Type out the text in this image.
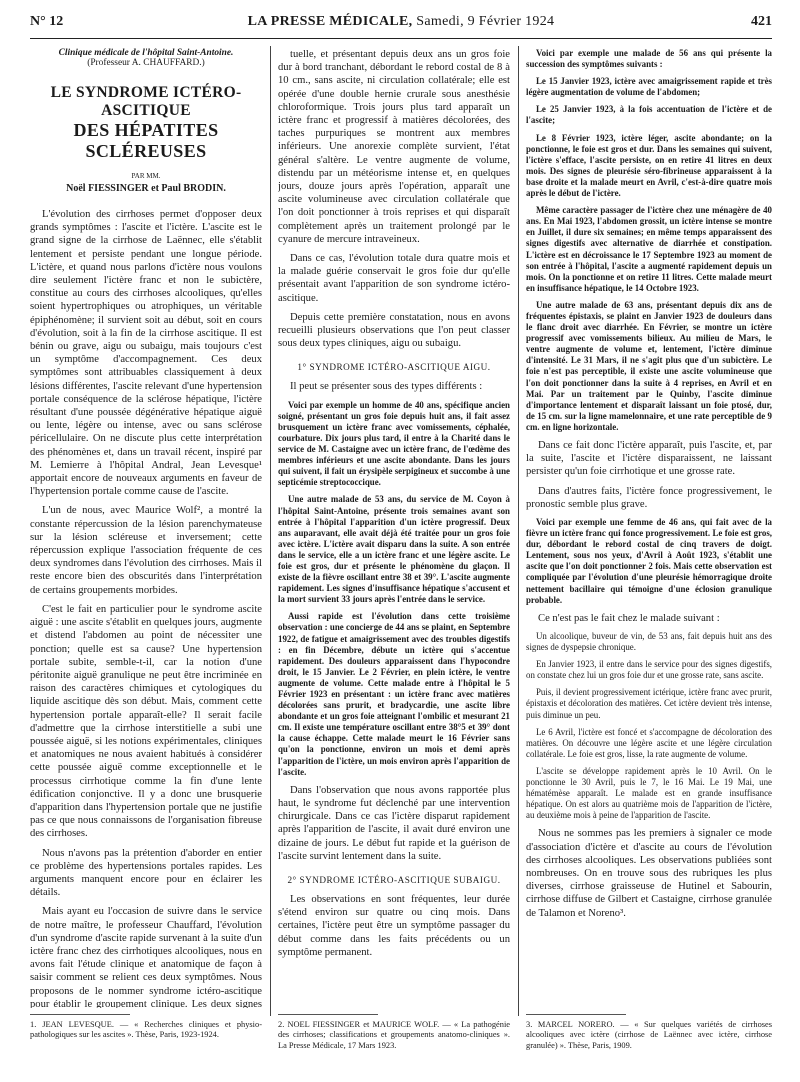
N° 12	LA PRESSE MÉDICALE, Samedi, 9 Février 1924	421

Clinique médicale de l'hôpital Saint-Antoine.

(Professeur A. CHAUFFARD.)

LE SYNDROME ICTÉRO-ASCITIQUE

DES HÉPATITES SCLÉREUSES

PAR MM.

Noël FIESSINGER et Paul BRODIN.

L'évolution des cirrhoses permet d'opposer deux grands symptômes : l'ascite et l'ictère. L'ascite est le grand signe de la cirrhose de Laënnec, elle s'établit lentement et persiste pendant une longue période. L'ictère, et quand nous parlons d'ictère nous voulons dire seulement l'ictère franc et non le subictère, constitue au cours des cirrhoses alcooliques, qu'elles soient hypertrophiques ou atrophiques, un véritable épiphénomène; il survient soit au début, soit en cours d'évolution, soit à la fin de la cirrhose ascitique. Il est bénin ou grave, aigu ou subaigu, mais toujours c'est un symptôme d'accompagnement. Ces deux symptômes sont attribuables classiquement à deux lésions différentes, l'ascite relevant d'une hypertension portale conséquence de la sclérose hépatique, l'ictère résultant d'une poussée dégénérative hépatique aiguë ou lente, légère ou intense, avec ou sans sclérose péricellulaire. On ne discute plus cette interprétation des phénomènes et, dans un travail récent, inspiré par M. Lemierre à l'hôpital Andral, Jean Levesque¹ apportait encore de nouveaux arguments en faveur de l'hypertension portale comme cause de l'ascite.

L'un de nous, avec Maurice Wolf², a montré la constante répercussion de la lésion parenchymateuse sur la lésion scléreuse et inversement; cette répercussion explique l'association fréquente de ces deux syndromes dans l'évolution des cirrhoses. Mais il reste encore bien des obscurités dans l'interprétation de certains groupements morbides.

C'est le fait en particulier pour le syndrome ascite aiguë : une ascite s'établit en quelques jours, augmente et distend l'abdomen au point de nécessiter une ponction; quelle est sa cause? Une hypertension portale subite, semble-t-il, car la notion d'une péritonite aiguë granulique ne peut être incriminée en raison des caractères chimiques et cytologiques du liquide ascitique dès son début. Mais, comment cette hypertension portale apparaît-elle? Il serait facile d'admettre que la cirrhose interstitielle a subi une poussée aiguë, si les notions expérimentales, cliniques et anatomiques ne nous avaient habitués à considérer cette poussée aiguë comme exceptionnelle et le processus cirrhotique comme la fin d'une lente édification conjonctive. Il y a donc une brusquerie d'apparition dans l'hypertension portale que ne justifie pas ce que nous connaissons de l'organisation fibreuse des cirrhoses.

Nous n'avons pas la prétention d'aborder en entier ce problème des hypertensions portales rapides. Les arguments manquent encore pour en éclairer les détails.

Mais ayant eu l'occasion de suivre dans le service de notre maître, le professeur Chauffard, l'évolution d'un syndrome d'ascite rapide survenant à la suite d'un ictère franc chez des cirrhotiques alcooliques, nous en avons fait l'étude clinique et anatomique de façon à saisir comment se relient ces deux symptômes. Nous proposons de le nommer syndrome ictéro-ascitique pour établir le groupement clinique. Les deux signes

tuelle, et présentant depuis deux ans un gros foie dur à bord tranchant, débordant le rebord costal de 8 à 10 cm., sans ascite, ni circulation collatérale; elle est opérée d'une double hernie crurale sous anesthésie chloroformique. Trois jours plus tard apparaît un ictère franc et progressif à matières décolorées, des taches purpuriques se montrent aux membres inférieurs. Une anorexie complète survient, l'état général s'altère. Le ventre augmente de volume, distendu par un météorisme intense et, en quelques jours, douze jours après l'opération, apparaît une ascite volumineuse avec circulation collatérale que l'on doit ponctionner à trois reprises et qui disparaît complètement après un traitement prolongé par le cyanure de mercure intraveineux.

Dans ce cas, l'évolution totale dura quatre mois et la malade guérie conservait le gros foie dur qu'elle présentait avant l'apparition de son syndrome ictéro-ascitique.

Depuis cette première constatation, nous en avons recueilli plusieurs observations que l'on peut classer sous deux types cliniques, aigu ou subaigu.

1° SYNDROME ICTÉRO-ASCITIQUE AIGU.

Il peut se présenter sous des types différents :

Voici par exemple un homme de 40 ans, spécifique ancien soigné, présentant un gros foie depuis huit ans, il fait assez brusquement un ictère franc avec vomissements, céphalée, courbature. Dix jours plus tard, il entre à la Charité dans le service de M. Castaigne avec un ictère franc, de l'œdème des membres inférieurs et une ascite abondante. Dans les jours qui suivent, il fait un érysipèle serpigineux et succombe à une septicémie streptococcique.

Une autre malade de 53 ans, du service de M. Coyon à l'hôpital Saint-Antoine, présente trois semaines avant son entrée à l'hôpital l'apparition d'un ictère progressif. Deux ans auparavant, elle avait déjà été traitée pour un gros foie avec ictère. L'ictère avait disparu dans la suite. A son entrée dans le service, elle a un ictère franc et une légère ascite. Le foie est gros, dur et présente le phénomène du glaçon. Il existe de la fièvre oscillant entre 38 et 39°. L'ascite augmente rapidement. Les signes d'insuffisance hépatique s'accusent et la mort survient 33 jours après l'entrée dans le service.

Aussi rapide est l'évolution dans cette troisième observation : une concierge de 44 ans se plaint, en Septembre 1922, de fatigue et amaigrissement avec des troubles digestifs : en fin Décembre, débute un ictère qui s'accentue rapidement. Des douleurs apparaissent dans l'hypocondre droit, le 15 Janvier. Le 2 Février, en plein ictère, le ventre augmente de volume. Cette malade entre à l'hôpital le 5 Février 1923 en présentant : un ictère franc avec matières décolorées sans prurit, et bradycardie, une ascite libre abondante et un gros foie atteignant l'ombilic et mesurant 21 cm. Il existe une température oscillant entre 38°5 et 39° dont la cause échappe. Cette malade meurt le 16 Février sans qu'on la ponctionne, environ un mois et demi après l'apparition de l'ictère, un mois environ après l'apparition de l'ascite.

Dans l'observation que nous avons rapportée plus haut, le syndrome fut déclenché par une intervention chirurgicale. Dans ce cas l'ictère disparut rapidement après l'apparition de l'ascite, il avait duré environ une dizaine de jours. Le début fut rapide et la guérison de l'ascite survint lentement dans la suite.

2° SYNDROME ICTÉRO-ASCITIQUE SUBAIGU.

Les observations en sont fréquentes, leur durée s'étend environ sur quatre ou cinq mois. Dans certaines, l'ictère peut être un symptôme passager du début comme dans les faits précédents ou un symptôme permanent.

Voici par exemple une malade de 56 ans qui présente la succession des symptômes suivants :

Le 15 Janvier 1923, ictère avec amaigrissement rapide et très légère augmentation de volume de l'abdomen;

Le 25 Janvier 1923, à la fois accentuation de l'ictère et de l'ascite;

Le 8 Février 1923, ictère léger, ascite abondante; on la ponctionne, le foie est gros et dur. Dans les semaines qui suivent, l'ictère s'efface, l'ascite persiste, on en retire 41 litres en deux mois. Des signes de pleurésie séro-fibrineuse apparaissent à la base droite et la malade meurt en Avril, c'est-à-dire quatre mois après le début de l'ictère.

Même caractère passager de l'ictère chez une ménagère de 40 ans. En Mai 1923, l'abdomen grossit, un ictère intense se montre en Juillet, il dure six semaines; en même temps apparaissent des signes digestifs avec alternative de diarrhée et constipation. L'ictère est en décroissance le 17 Septembre 1923 au moment de son entrée à l'hôpital, l'ascite a augmenté rapidement depuis un mois. On la ponctionne et on retire 11 litres. Cette malade meurt en insuffisance hépatique, le 14 Octobre 1923.

Une autre malade de 63 ans, présentant depuis dix ans de fréquentes épistaxis, se plaint en Janvier 1923 de douleurs dans le flanc droit avec diarrhée. En Février, se montre un ictère progressif avec vomissements bilieux. Au milieu de Mars, le ventre augmente de volume et, lentement, l'ictère diminue d'intensité. Le 31 Mars, il ne s'agit plus que d'un subictère. Le foie n'est pas perceptible, il existe une ascite volumineuse que l'on doit ponctionner dans la suite à 4 reprises, en Avril et en Mai. Par un traitement par le Quinby, l'ascite diminue d'importance lentement et disparaît laissant un foie ptosé, dur, de 15 cm. sur la ligne mamelonnaire, et une rate perceptible de 9 cm. en ligne horizontale.

Dans ce fait donc l'ictère apparaît, puis l'ascite, et, par la suite, l'ascite et l'ictère disparaissent, ne laissant persister qu'un foie cirrhotique et une grosse rate.

Dans d'autres faits, l'ictère fonce progressivement, le pronostic semble plus grave.

Voici par exemple une femme de 46 ans, qui fait avec de la fièvre un ictère franc qui fonce progressivement. Le foie est gros, dur, débordant le rebord costal de cinq travers de doigt. Lentement, sous nos yeux, d'Avril à Août 1923, s'établit une ascite que l'on doit ponctionner 2 fois. Mais cette observation est compliquée par l'évolution d'une pleurésie hémorragique droite nettement bacillaire qui témoigne d'une éclosion granulique probable.

Ce n'est pas le fait chez le malade suivant :

Un alcoolique, buveur de vin, de 53 ans, fait depuis huit ans des signes de dyspepsie chronique.

En Janvier 1923, il entre dans le service pour des signes digestifs, on constate chez lui un gros foie dur et une grosse rate, sans ascite.

Puis, il devient progressivement ictérique, ictère franc avec prurit, épistaxis et décoloration des matières. Cet ictère devient très intense, puis diminue un peu.

Le 6 Avril, l'ictère est foncé et s'accompagne de décoloration des matières. On découvre une légère ascite et une légère circulation collatérale. Le foie est gros, lisse, la rate augmente de volume.

L'ascite se développe rapidement après le 10 Avril. On le ponctionne le 30 Avril, puis le 7, le 16 Mai. Le 19 Mai, une hématémèse apparaît. Le malade est en grande insuffisance hépatique. On est alors au quatrième mois de l'apparition de l'ictère, au deuxième mois à peine de l'apparition de l'ascite.

Nous ne sommes pas les premiers à signaler ce mode d'association d'ictère et d'ascite au cours de l'évolution des cirrhoses alcooliques. Les observations publiées sont nombreuses. On en trouve sous des rubriques les plus diverses, cirrhose graisseuse de Hutinel et Sabourin, cirrhose diffuse de Gilbert et Castaigne, cirrhose granulée de Talamon et Noreno³.

1. JEAN LEVESQUE. — « Recherches cliniques et physio-pathologiques sur les ascites ». Thèse, Paris, 1923-1924.
2. NOEL FIESSINGER et MAURICE WOLF. — « La pathogénie des cirrhoses; classifications et groupements anatomo-cliniques ». La Presse Médicale, 17 Mars 1923.
3. MARCEL NORERO. — « Sur quelques variétés de cirrhoses alcooliques avec ictère (cirrhose de Laënnec avec ictère, cirrhose granulée) ». Thèse, Paris, 1909.
